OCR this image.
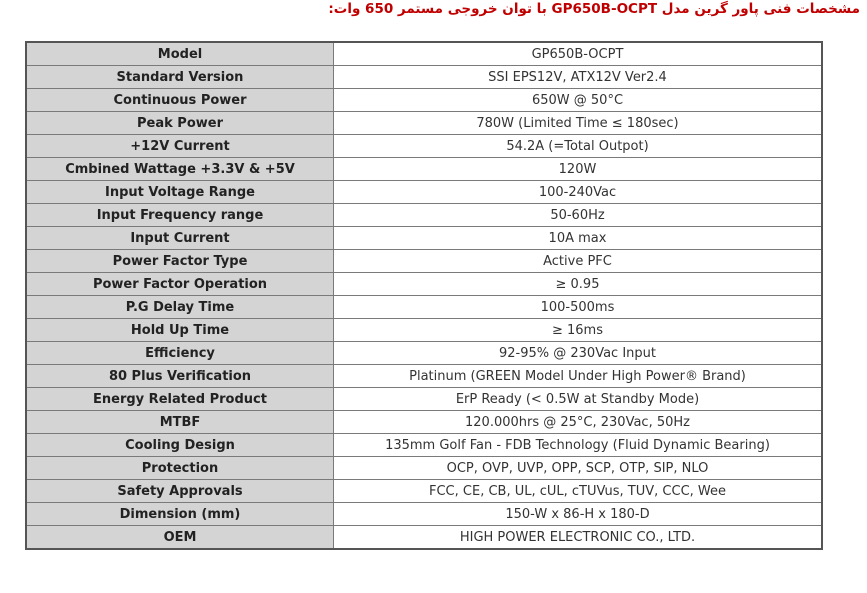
مشخصات فنی پاور گرین مدل GP650B-OCPT با توان خروجی مستمر 650 وات:
Model	GP650B-OCPT
Standard Version	SSI EPS12V, ATX12V Ver2.4
Continuous Power	650W @ 50°C
Peak Power	780W (Limited Time ≤ 180sec)
+12V Current	54.2A (=Total Outpot)
Cmbined Wattage +3.3V & +5V	120W
Input Voltage Range	100-240Vac
Input Frequency range	50-60Hz
Input Current	10A max
Power Factor Type	Active PFC
Power Factor Operation	≥ 0.95
P.G Delay Time	100-500ms
Hold Up Time	≥ 16ms
Efficiency	92-95% @ 230Vac Input
80 Plus Verification	Platinum (GREEN Model Under High Power® Brand)
Energy Related Product	ErP Ready (< 0.5W at Standby Mode)
MTBF	120.000hrs @ 25°C, 230Vac, 50Hz
Cooling Design	135mm Golf Fan - FDB Technology (Fluid Dynamic Bearing)
Protection	OCP, OVP, UVP, OPP, SCP, OTP, SIP, NLO
Safety Approvals	FCC, CE, CB, UL, cUL, cTUVus, TUV, CCC, Wee
Dimension (mm)	150-W x 86-H x 180-D
OEM	HIGH POWER ELECTRONIC CO., LTD.
